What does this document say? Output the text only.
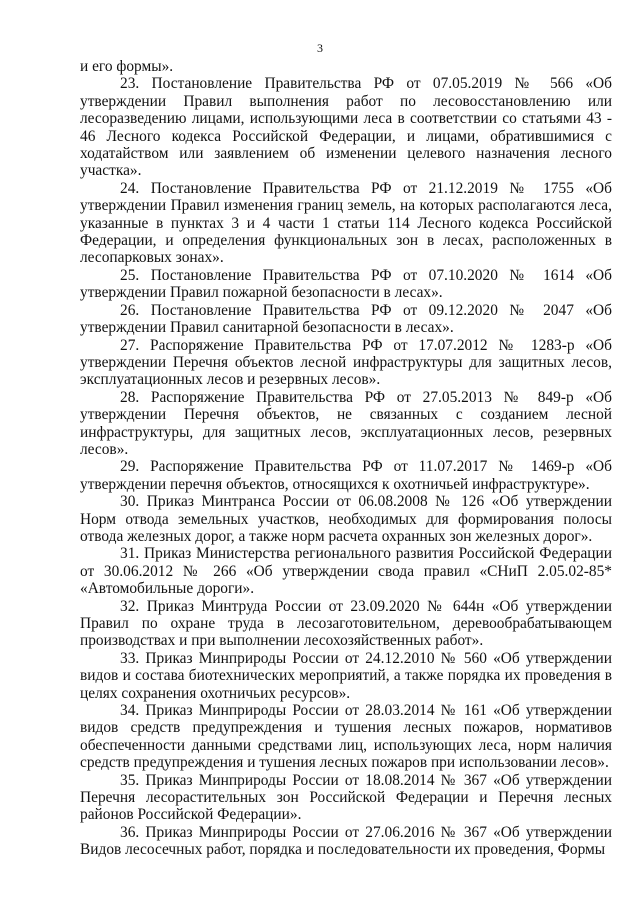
3

и его формы».

23. Постановление Правительства РФ от 07.05.2019 № 566 «Об утверждении Правил выполнения работ по лесовосстановлению или лесоразведению лицами, использующими леса в соответствии со статьями 43 - 46 Лесного кодекса Российской Федерации, и лицами, обратившимися с ходатайством или заявлением об изменении целевого назначения лесного участка».

24. Постановление Правительства РФ от 21.12.2019 № 1755 «Об утверждении Правил изменения границ земель, на которых располагаются леса, указанные в пунктах 3 и 4 части 1 статьи 114 Лесного кодекса Российской Федерации, и определения функциональных зон в лесах, расположенных в лесопарковых зонах».

25. Постановление Правительства РФ от 07.10.2020 № 1614 «Об утверждении Правил пожарной безопасности в лесах».

26. Постановление Правительства РФ от 09.12.2020 № 2047 «Об утверждении Правил санитарной безопасности в лесах».

27. Распоряжение Правительства РФ от 17.07.2012 № 1283-р «Об утверждении Перечня объектов лесной инфраструктуры для защитных лесов, эксплуатационных лесов и резервных лесов».

28. Распоряжение Правительства РФ от 27.05.2013 № 849-р «Об утверждении Перечня объектов, не связанных с созданием лесной инфраструктуры, для защитных лесов, эксплуатационных лесов, резервных лесов».

29. Распоряжение Правительства РФ от 11.07.2017 № 1469-р «Об утверждении перечня объектов, относящихся к охотничьей инфраструктуре».

30. Приказ Минтранса России от 06.08.2008 № 126 «Об утверждении Норм отвода земельных участков, необходимых для формирования полосы отвода железных дорог, а также норм расчета охранных зон железных дорог».

31. Приказ Министерства регионального развития Российской Федерации от 30.06.2012 № 266 «Об утверждении свода правил «СНиП 2.05.02-85* «Автомобильные дороги».

32. Приказ Минтруда России от 23.09.2020 № 644н «Об утверждении Правил по охране труда в лесозаготовительном, деревообрабатывающем производствах и при выполнении лесохозяйственных работ».

33. Приказ Минприроды России от 24.12.2010 № 560 «Об утверждении видов и состава биотехнических мероприятий, а также порядка их проведения в целях сохранения охотничьих ресурсов».

34. Приказ Минприроды России от 28.03.2014 № 161 «Об утверждении видов средств предупреждения и тушения лесных пожаров, нормативов обеспеченности данными средствами лиц, использующих леса, норм наличия средств предупреждения и тушения лесных пожаров при использовании лесов».

35. Приказ Минприроды России от 18.08.2014 № 367 «Об утверждении Перечня лесорастительных зон Российской Федерации и Перечня лесных районов Российской Федерации».

36. Приказ Минприроды России от 27.06.2016 № 367 «Об утверждении Видов лесосечных работ, порядка и последовательности их проведения, Формы
